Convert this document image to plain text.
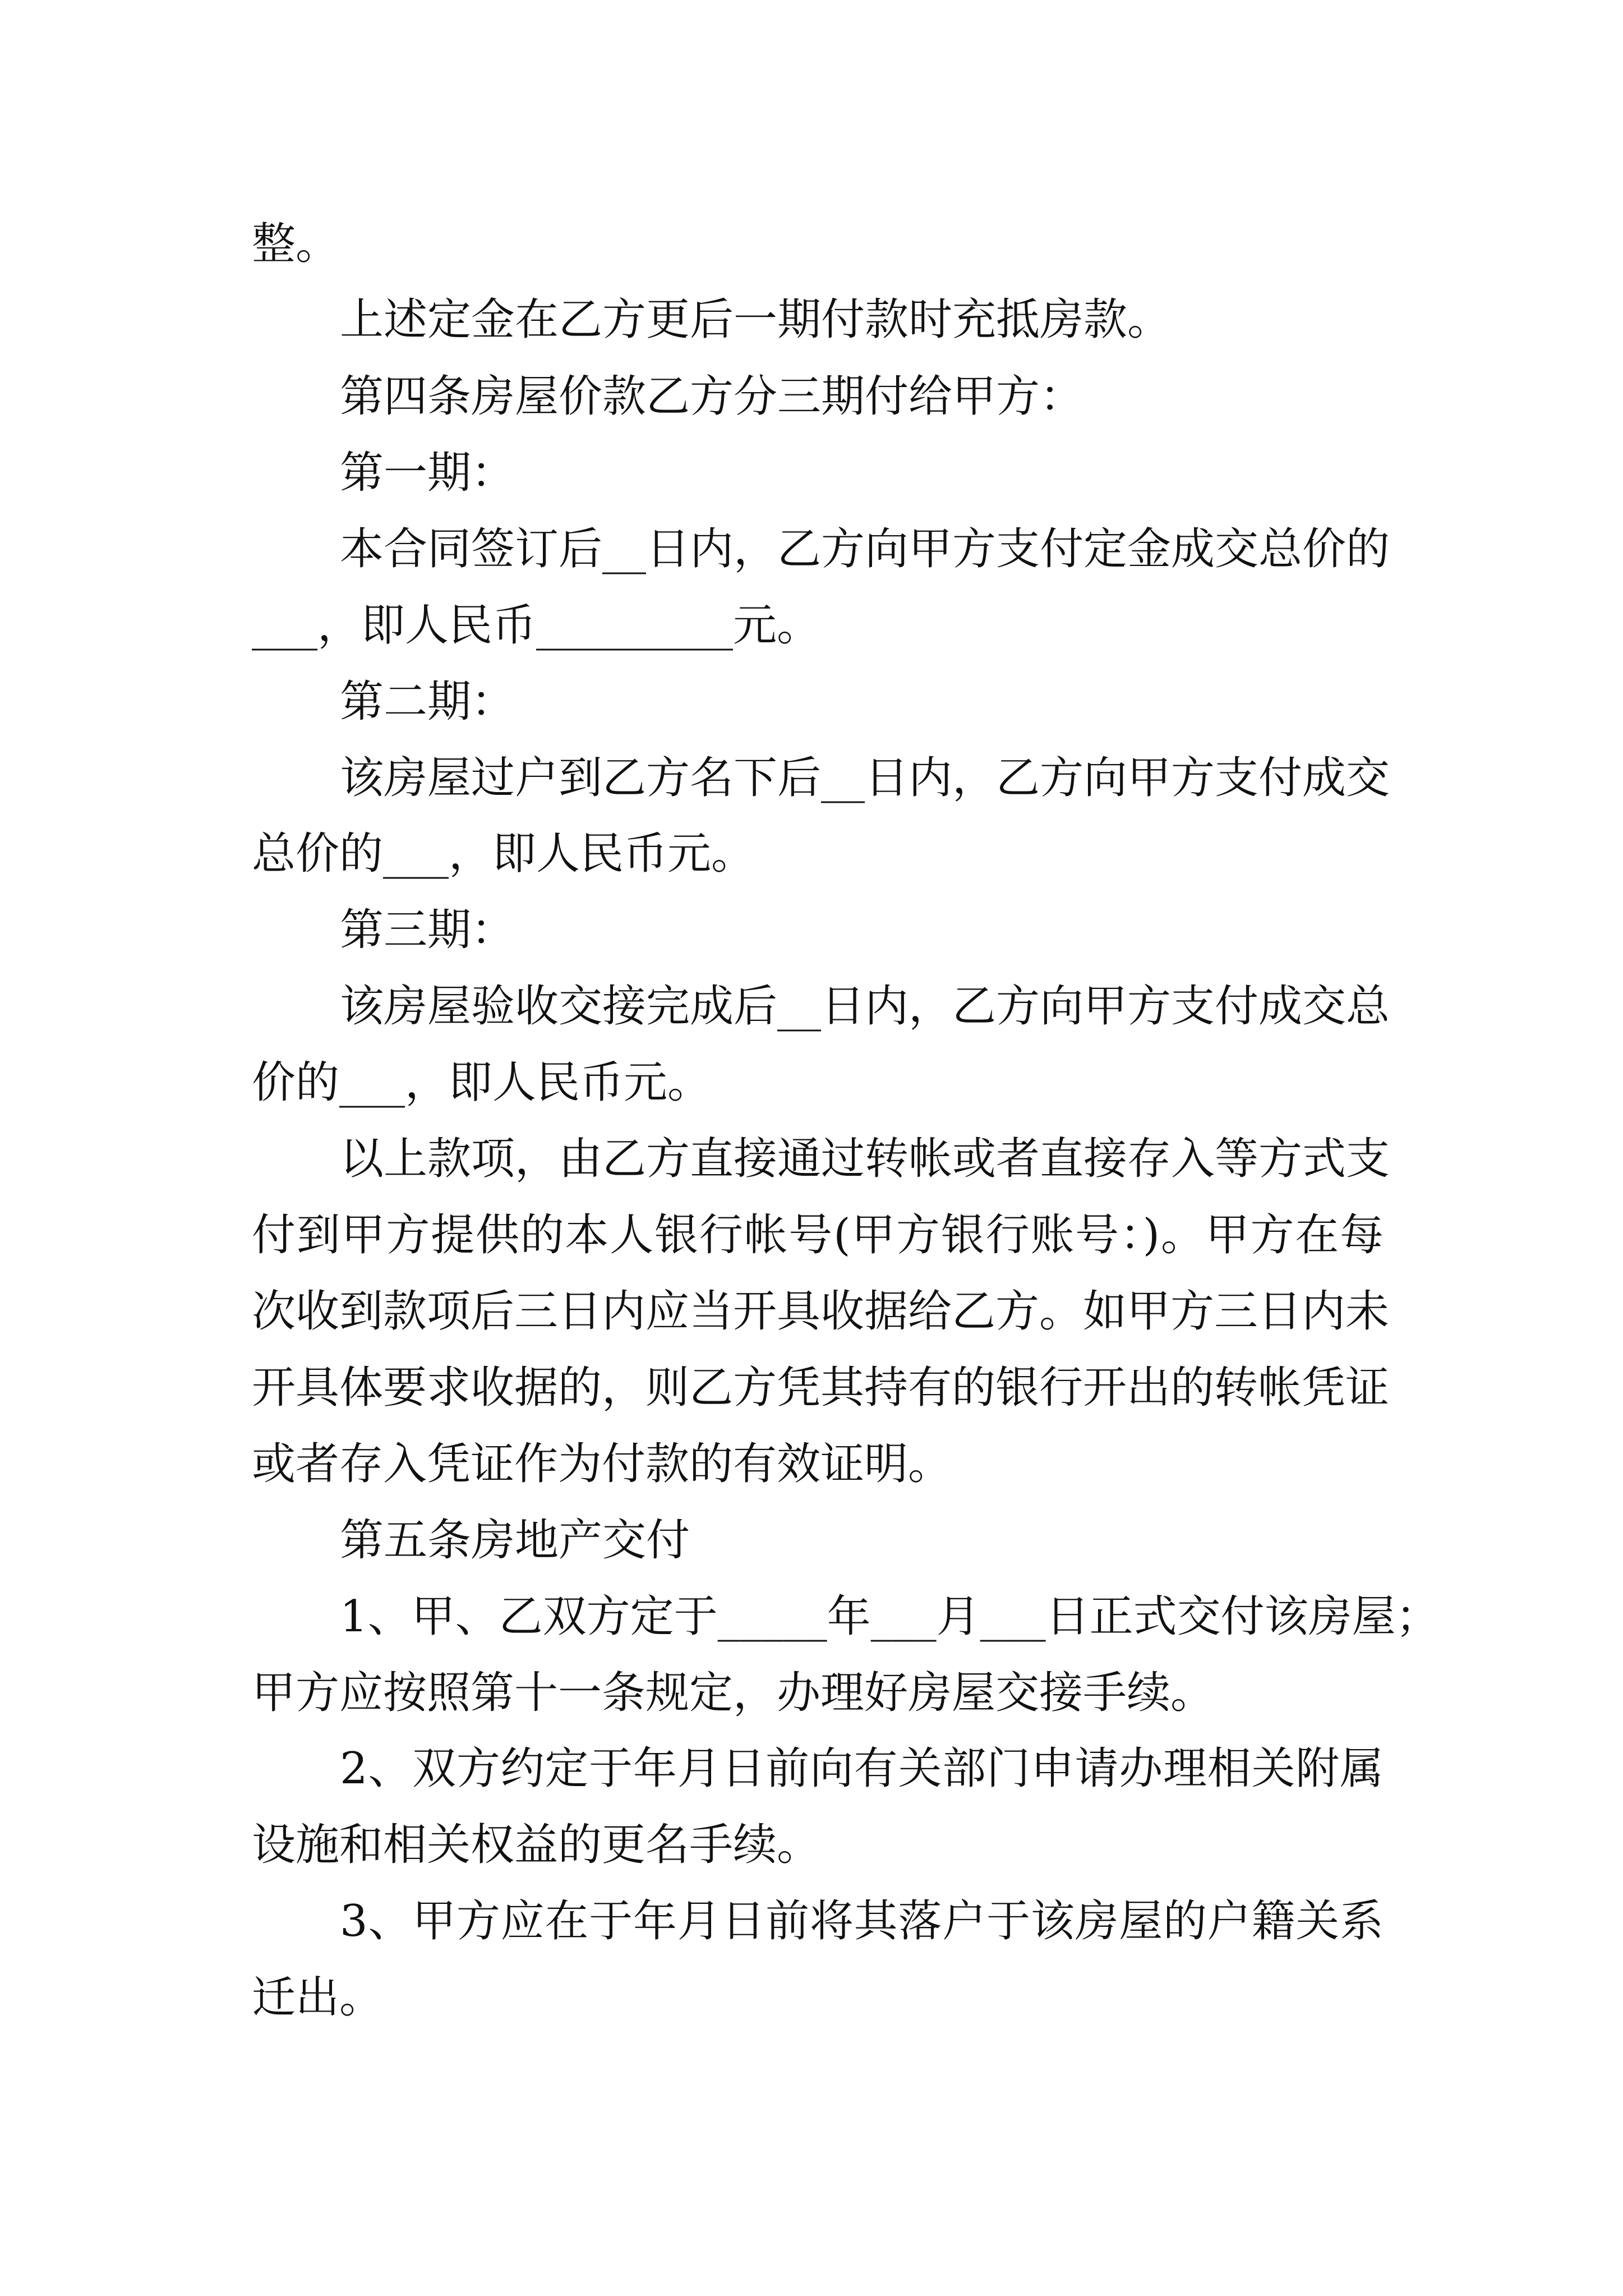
整。

上述定金在乙方更后一期付款时充抵房款。

第四条房屋价款乙方分三期付给甲方：

第一期：

本合同签订后__日内，乙方向甲方支付定金成交总价的

___，即人民币_________元。

第二期：

该房屋过户到乙方名下后__日内，乙方向甲方支付成交

总价的___，即人民币元。

第三期：

该房屋验收交接完成后__日内，乙方向甲方支付成交总

价的___，即人民币元。

以上款项，由乙方直接通过转帐或者直接存入等方式支

付到甲方提供的本人银行帐号(甲方银行账号：)。甲方在每

次收到款项后三日内应当开具收据给乙方。如甲方三日内未

开具体要求收据的，则乙方凭其持有的银行开出的转帐凭证

或者存入凭证作为付款的有效证明。

第五条房地产交付

1、甲、乙双方定于_____年___月___日正式交付该房屋；

甲方应按照第十一条规定，办理好房屋交接手续。

2、双方约定于年月日前向有关部门申请办理相关附属

设施和相关权益的更名手续。

3、甲方应在于年月日前将其落户于该房屋的户籍关系

迁出。
